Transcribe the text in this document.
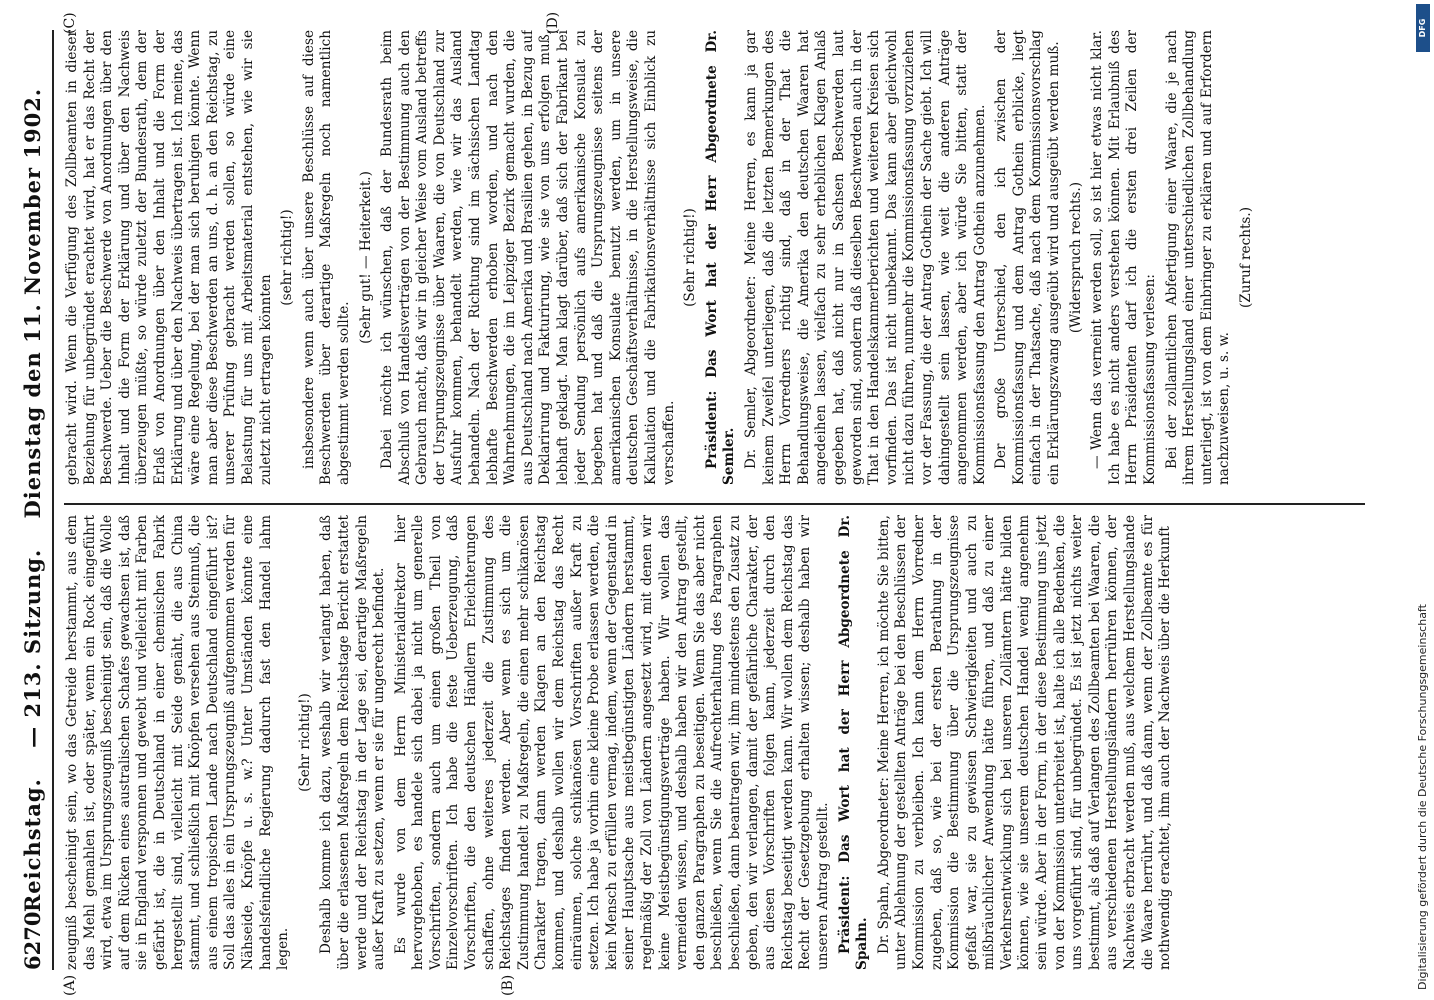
6270
Reichstag. — 213. Sitzung. Dienstag den 11. November 1902.

zeugniß bescheinigt sein, wo das Getreide herstammt, aus dem das Mehl gemahlen ist, oder später, wenn ein Rock eingeführt wird, etwa im Ursprungszeugniß bescheinigt sein, daß die Wolle auf dem Rücken eines australischen Schafes gewachsen ist, daß sie in England versponnen und gewebt und vielleicht mit Farben gefärbt ist, die in Deutschland in einer chemischen Fabrik hergestellt sind, vielleicht mit Seide genäht, die aus China stammt, und schließlich mit Knöpfen versehen aus Steinnuß, die aus einem tropischen Lande nach Deutschland eingeführt ist? Soll das alles in ein Ursprungszeugniß aufgenommen werden für Nähseide, Knöpfe u. s. w.? Unter Umständen könnte eine handelsfeindliche Regierung dadurch fast den Handel lahm legen.

(Sehr richtig!) Deshalb komme ich dazu, weshalb wir verlangt haben, daß über die erlassenen Maßregeln dem Reichstage Bericht erstattet werde und der Reichstag in der Lage sei, derartige Maßregeln außer Kraft zu setzen, wenn er sie für ungerecht befindet. Es wurde von dem Herrn Ministerialdirektor hier hervorgehoben, es handele sich dabei ja nicht um generelle Vorschriften, sondern auch um einen großen Theil von Einzelvorschriften. Ich habe die feste Ueberzeugung, daß Vorschriften, die den deutschen Händlern Erleichterungen schaffen, ohne weiteres jederzeit die Zustimmung des Reichstages finden werden. Aber wenn es sich um die Zustimmung handelt zu Maßregeln, die einen mehr schikanösen Charakter tragen, dann werden Klagen an den Reichstag kommen, und deshalb wollen wir dem Reichstag das Recht einräumen, solche schikanösen Vorschriften außer Kraft zu setzen. Ich habe ja vorhin eine kleine Probe erlassen werden, die kein Mensch zu erfüllen vermag, indem, wenn der Gegenstand in seiner Hauptsache aus meistbegünstigten Ländern herstammt, regelmäßig der Zoll von Ländern angesetzt wird, mit denen wir keine Meistbegünstigungsverträge haben. Wir wollen das vermeiden wissen, und deshalb haben wir den Antrag gestellt, den ganzen Paragraphen zu beseitigen. Wenn Sie das aber nicht beschließen, wenn Sie die Aufrechterhaltung des Paragraphen beschließen, dann beantragen wir, ihm mindestens den Zusatz zu geben, den wir verlangen, damit der gefährliche Charakter, der aus diesen Vorschriften folgen kann, jederzeit durch den Reichstag beseitigt werden kann. Wir wollen dem Reichstag das Recht der Gesetzgebung erhalten wissen; deshalb haben wir unseren Antrag gestellt. Präsident: Das Wort hat der Herr Abgeordnete Dr. Spahn. Dr. Spahn, Abgeordneter: Meine Herren, ich möchte Sie bitten, unter Ablehnung der gestellten Anträge bei den Beschlüssen der Kommission zu verbleiben. Ich kann dem Herrn Vorredner zugeben, daß so, wie bei der ersten Berathung in der Kommission die Bestimmung über die Ursprungszeugnisse gefaßt war, sie zu gewissen Schwierigkeiten und auch zu mißbräuchlicher Anwendung hätte führen, und daß zu einer Verkehrsentwicklung sich bei unseren Zollämtern hätte bilden können, wie sie unserem deutschen Handel wenig angenehm sein würde. Aber in der Form, in der diese Bestimmung uns jetzt von der Kommission unterbreitet ist, halte ich alle Bedenken, die uns vorgeführt sind, für unbegründet. Es ist jetzt nichts weiter bestimmt, als daß auf Verlangen des Zollbeamten bei Waaren, die aus verschiedenen Herstellungsländern herrühren können, der Nachweis erbracht werden muß, aus welchem Herstellungslande die Waare herrührt, und daß dann, wenn der Zollbeamte es für nothwendig erachtet, ihm auch der Nachweis über die Herkunft

gebracht wird. Wenn die Verfügung des Zollbeamten in dieser Beziehung für unbegründet erachtet wird, hat er das Recht der Beschwerde. Ueber die Beschwerde von Anordnungen über den Inhalt und die Form der Erklärung und über den Nachweis überzeugen müßte, so würde zuletzt der Bundesrath, dem der Erlaß von Anordnungen über den Inhalt und die Form der Erklärung und über den Nachweis übertragen ist. Ich meine, das wäre eine Regelung, bei der man sich beruhigen könnte. Wenn man aber diese Beschwerden an uns, d. h. an den Reichstag, zu unserer Prüfung gebracht werden sollen, so würde eine Belastung für uns mit Arbeitsmaterial entstehen, wie wir sie zuletzt nicht ertragen könnten

(sehr richtig!) insbesondere wenn auch über unsere Beschlüsse auf diese Beschwerden über derartige Maßregeln noch namentlich abgestimmt werden sollte.

(Sehr gut! — Heiterkeit.) Dabei möchte ich wünschen, daß der Bundesrath beim Abschluß von Handelsverträgen von der Bestimmung auch den Gebrauch macht, daß wir in gleicher Weise vom Ausland betreffs der Ursprungszeugnisse über Waaren, die von Deutschland zur Ausfuhr kommen, behandelt werden, wie wir das Ausland behandeln. Nach der Richtung sind im sächsischen Landtag lebhafte Beschwerden erhoben worden, und nach den Wahrnehmungen, die im Leipziger Bezirk gemacht wurden, die aus Deutschland nach Amerika und Brasilien gehen, in Bezug auf Deklarirung und Fakturirung, wie sie von uns erfolgen muß, lebhaft geklagt. Man klagt darüber, daß sich der Fabrikant bei jeder Sendung persönlich aufs amerikanische Konsulat zu begeben hat und daß die Ursprungszeugnisse seitens der amerikanischen Konsulate benutzt werden, um in unsere deutschen Geschäftsverhältnisse, in die Herstellungsweise, die Kalkulation und die Fabrikationsverhältnisse sich Einblick zu verschaffen.

(Sehr richtig!) Präsident: Das Wort hat der Herr Abgeordnete Dr. Semler. Dr. Semler, Abgeordneter: Meine Herren, es kann ja gar keinem Zweifel unterliegen, daß die letzten Bemerkungen des Herrn Vorredners richtig sind, daß in der That die Behandlungsweise, die Amerika den deutschen Waaren hat angedeihen lassen, vielfach zu sehr erheblichen Klagen Anlaß gegeben hat, daß nicht nur in Sachsen Beschwerden laut geworden sind, sondern daß dieselben Beschwerden auch in der That in den Handelskammerberichten und weiteren Kreisen sich vorfinden. Das ist nicht unbekannt. Das kann aber gleichwohl nicht dazu führen, nunmehr die Kommissionsfassung vorzuziehen vor der Fassung, die der Antrag Gothein der Sache giebt. Ich will dahingestellt sein lassen, wie weit die anderen Anträge angenommen werden, aber ich würde Sie bitten, statt der Kommissionsfassung den Antrag Gothein anzunehmen. Der große Unterschied, den ich zwischen der Kommissionsfassung und dem Antrag Gothein erblicke, liegt einfach in der Thatsache, daß nach dem Kommissionsvorschlag ein Erklärungszwang ausgeübt wird und ausgeübt werden muß. (Widerspruch rechts.) — Wenn das verneint werden soll, so ist hier etwas nicht klar. Ich habe es nicht anders verstehen können. Mit Erlaubniß des Herrn Präsidenten darf ich die ersten drei Zeilen der Kommissionsfassung verlesen: Bei der zollamtlichen Abfertigung einer Waare, die je nach ihrem Herstellungsland einer unterschiedlichen Zollbehandlung unterliegt, ist von dem Einbringer zu erklären und auf Erfordern nachzuweisen, u. s. w.

(Zuruf rechts.)

(A)	(B)
(C)	(D)	DFG
Digitalisierung gefördert durch die Deutsche Forschungsgemeinschaft
